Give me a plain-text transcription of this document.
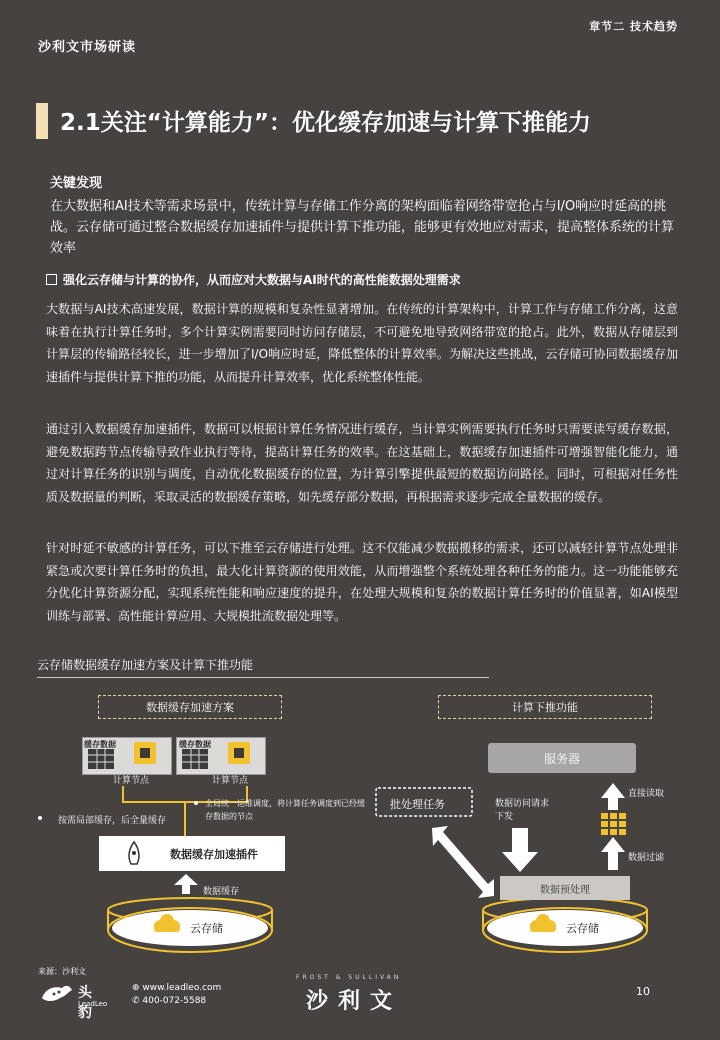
沙利文市场研读
章节二 技术趋势
2.1关注“计算能力”：优化缓存加速与计算下推能力
关键发现
在大数据和AI技术等需求场景中，传统计算与存储工作分离的架构面临着网络带宽抢占与I/O响应时延高的挑战。云存储可通过整合数据缓存加速插件与提供计算下推功能，能够更有效地应对需求，提高整体系统的计算效率
强化云存储与计算的协作，从而应对大数据与AI时代的高性能数据处理需求
大数据与AI技术高速发展，数据计算的规模和复杂性显著增加。在传统的计算架构中，计算工作与存储工作分离，这意味着在执行计算任务时，多个计算实例需要同时访问存储层，不可避免地导致网络带宽的抢占。此外，数据从存储层到计算层的传输路径较长，进一步增加了I/O响应时延，降低整体的计算效率。为解决这些挑战，云存储可协同数据缓存加速插件与提供计算下推的功能，从而提升计算效率，优化系统整体性能。
通过引入数据缓存加速插件，数据可以根据计算任务情况进行缓存，当计算实例需要执行任务时只需要读写缓存数据，避免数据跨节点传输导致作业执行等待，提高计算任务的效率。在这基础上，数据缓存加速插件可增强智能化能力，通过对计算任务的识别与调度，自动优化数据缓存的位置，为计算引擎提供最短的数据访问路径。同时，可根据对任务性质及数据量的判断，采取灵活的数据缓存策略，如先缓存部分数据，再根据需求逐步完成全量数据的缓存。
针对时延不敏感的计算任务，可以下推至云存储进行处理。这不仅能减少数据搬移的需求，还可以减轻计算节点处理非紧急或次要计算任务时的负担，最大化计算资源的使用效能，从而增强整个系统处理各种任务的能力。这一功能能够充分优化计算资源分配，实现系统性能和响应速度的提升，在处理大规模和复杂的数据计算任务时的价值显著，如AI模型训练与部署、高性能计算应用、大规模批流数据处理等。
云存储数据缓存加速方案及计算下推功能
数据缓存加速方案	计算下推功能
缓存数据
计算节点
缓存数据
计算节点
按需局部缓存，后全量缓存
全局统一运维调度，将计算任务调度到已经缓存数据的节点
数据缓存加速插件
数据缓存
云存储
服务器
直接读取
数据过滤
批处理任务	数据访问请求下发
数据预处理
云存储
来源：沙利文
头豹
LeadLeo
⊕ www.leadleo.com
✆ 400-072-5588
FROST & SULLIVAN
沙利文	10
